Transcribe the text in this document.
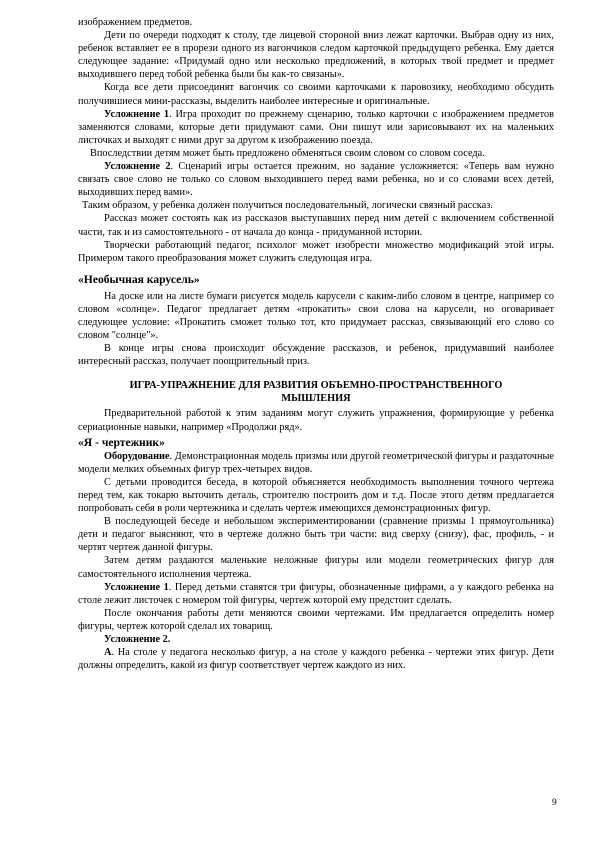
изображением предметов.

Дети по очереди подходят к столу, где лицевой стороной вниз лежат карточки. Выбрав одну из них, ребенок вставляет ее в прорези одного из вагончиков следом карточкой предыдущего ребенка. Ему дается следующее задание: «Придумай одно или несколько предложений, в которых твой предмет и предмет выходившего перед тобой ребенка были бы как-то связаны».

Когда все дети присоединят вагончик со своими карточками к паровозику, необходимо обсудить получившиеся мини-рассказы, выделить наиболее интересные и оригинальные.

Усложнение 1. Игра проходит по прежнему сценарию, только карточки с изображением предметов заменяются словами, которые дети придумают сами. Они пишут или зарисовывают их на маленьких листочках и выходят с ними друг за другом к изображению поезда.

Впоследствии детям может быть предложено обменяться своим словом со словом соседа.

Усложнение 2. Сценарий игры остается прежним, но задание усложняется: «Теперь вам нужно связать свое слово не только со словом выходившего перед вами ребенка, но и со словами всех детей, выходивших перед вами».

Таким образом, у ребенка должен получиться последовательный, логически связный рассказ.

Рассказ может состоять как из рассказов выступавших перед ним детей с включением собственной части, так и из самостоятельного - от начала до конца - придуманной истории.

Творчески работающий педагог, психолог может изобрести множество модификаций этой игры. Примером такого преобразования может служить следующая игра.

«Необычная карусель»

На доске или на листе бумаги рисуется модель карусели с каким-либо словом в центре, например со словом «солнце». Педагог предлагает детям «прокатить» свои слова на карусели, но оговаривает следующее условие: «Прокатить сможет только тот, кто придумает рассказ, связывающий его слово со словом "солнце"».

В конце игры снова происходит обсуждение рассказов, и ребенок, придумавший наиболее интересный рассказ, получает поощрительный приз.

ИГРА-УПРАЖНЕНИЕ ДЛЯ РАЗВИТИЯ ОБЪЕМНО-ПРОСТРАНСТВЕННОГО МЫШЛЕНИЯ

Предварительной работой к этим заданиям могут служить упражнения, формирующие у ребенка сериационные навыки, например «Продолжи ряд».

«Я - чертежник»

Оборудование. Демонстрационная модель призмы или другой геометрической фигуры и раздаточные модели мелких объемных фигур трех-четырех видов.

С детьми проводится беседа, в которой объясняется необходимость выполнения точного чертежа перед тем, как токарю выточить деталь, строителю построить дом и т.д. После этого детям предлагается попробовать себя в роли чертежника и сделать чертеж имеющихся демонстрационных фигур.

В последующей беседе и небольшом экспериментировании (сравнение призмы 1 прямоугольника) дети и педагог выясняют, что в чертеже должно быть три части: вид сверху (снизу), фас, профиль, - и чертят чертеж данной фигуры.

Затем детям раздаются маленькие неложные фигуры или модели геометрических фигур для самостоятельного исполнения чертежа.

Усложнение 1. Перед детьми ставятся три фигуры, обозначенные цифрами, а у каждого ребенка на столе лежит листочек с номером той фигуры, чертеж которой ему предстоит сделать.

После окончания работы дети меняются своими чертежами. Им предлагается определить номер фигуры, чертеж которой сделал их товарищ.

Усложнение 2.

А. На столе у педагога несколько фигур, а на столе у каждого ребенка - чертежи этих фигур. Дети должны определить, какой из фигур соответствует чертеж каждого из них.

9
